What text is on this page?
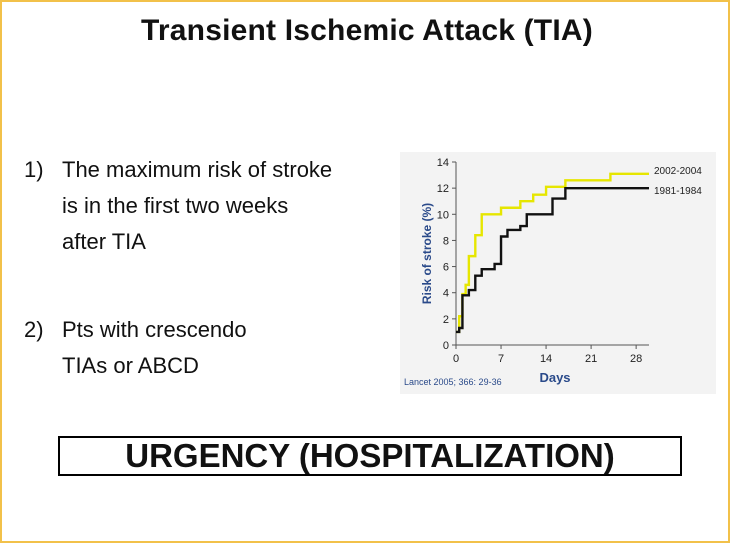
Transient Ischemic Attack (TIA)
1) The maximum risk of stroke
is in the first two weeks
after TIA
2) Pts with crescendo
TIAs or ABCD
0
2
4
6
8
10
12
14
0	7	14	21	28
Risk of stroke (%)
Days
Lancet 2005; 366: 29-36
2002-2004
1981-1984
URGENCY (HOSPITALIZATION)
